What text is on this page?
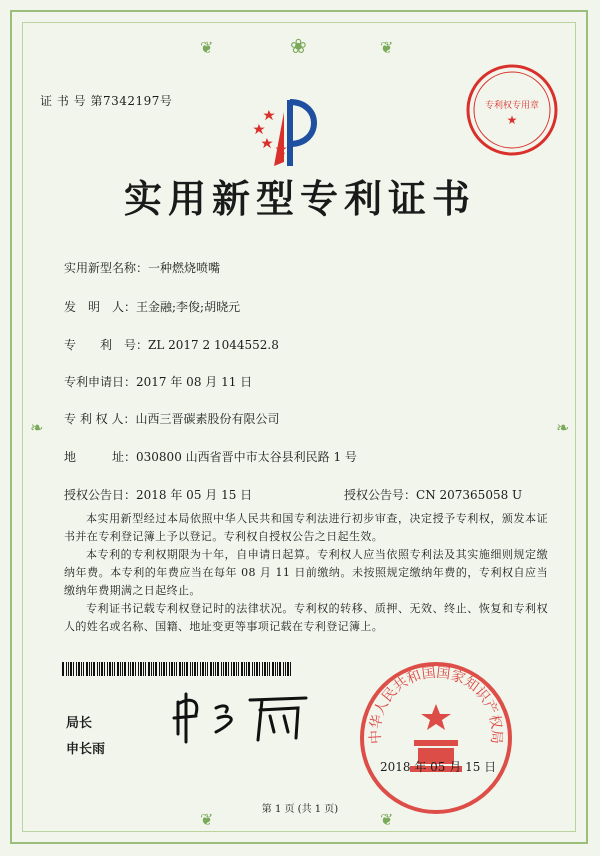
❦	❀	❦
❧	❧
❦	❦
证 书 号 第7342197号
实用新型专利证书
实用新型名称：一种燃烧喷嘴
发　明　人：王金融;李俊;胡晓元
专　　利　号：ZL 2017 2 1044552.8
专利申请日：2017 年 08 月 11 日
专 利 权 人：山西三晋碳素股份有限公司
地　　　址：030800 山西省晋中市太谷县利民路 1 号
授权公告日：2018 年 05 月 15 日	授权公告号：CN 207365058 U
本实用新型经过本局依照中华人民共和国专利法进行初步审查，决定授予专利权，颁发本证书并在专利登记簿上予以登记。专利权自授权公告之日起生效。
本专利的专利权期限为十年，自申请日起算。专利权人应当依照专利法及其实施细则规定缴纳年费。本专利的年费应当在每年 08 月 11 日前缴纳。未按照规定缴纳年费的，专利权自应当缴纳年费期满之日起终止。
专利证书记载专利权登记时的法律状况。专利权的转移、质押、无效、终止、恢复和专利权人的姓名或名称、国籍、地址变更等事项记载在专利登记簿上。
局长
申长雨
专利权专用章
★
中华人民共和国国家知识产权局
2018 年 05 月 15 日
第 1 页 (共 1 页)
